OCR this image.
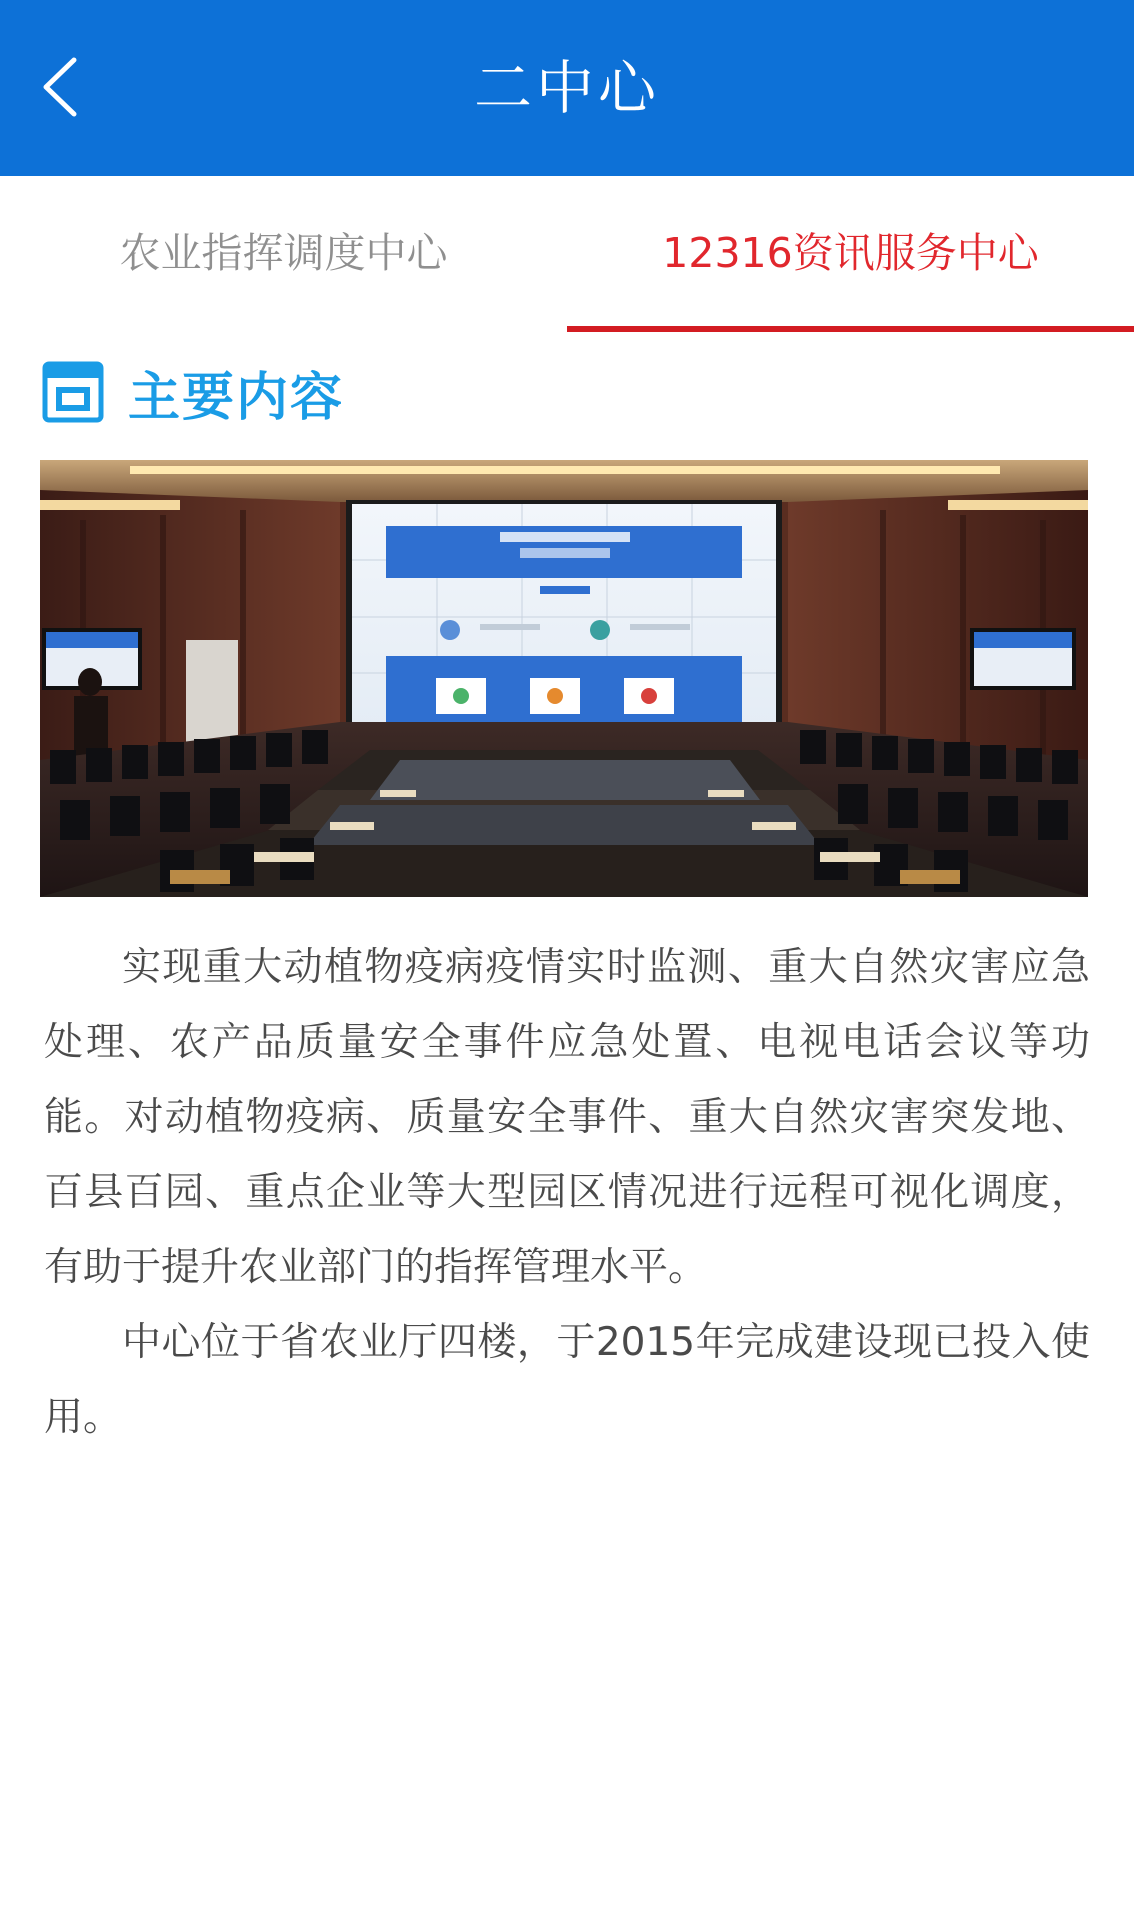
二中心
农业指挥调度中心	12316资讯服务中心
主要内容

实现重大动植物疫病疫情实时监测、重大自然灾害应急处理、农产品质量安全事件应急处置、电视电话会议等功能。对动植物疫病、质量安全事件、重大自然灾害突发地、百县百园、重点企业等大型园区情况进行远程可视化调度，有助于提升农业部门的指挥管理水平。

中心位于省农业厅四楼，于2015年完成建设现已投入使用。
